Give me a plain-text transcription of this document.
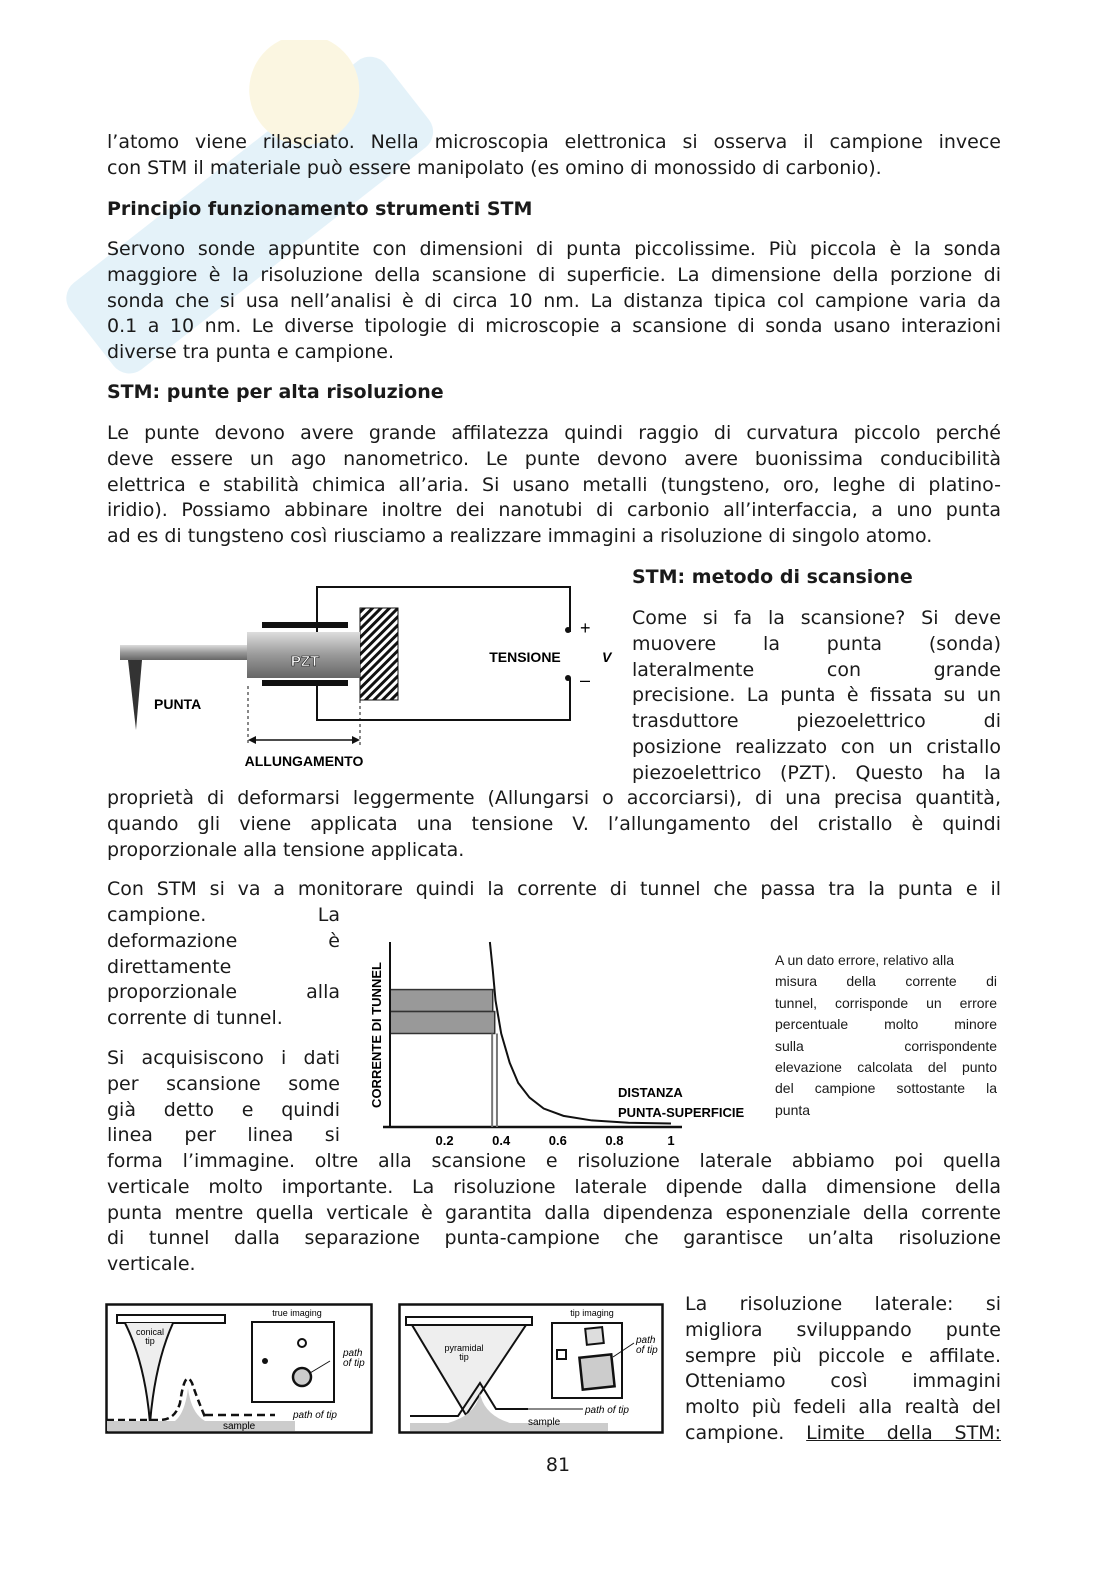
l’atomo viene rilasciato. Nella microscopia elettronica si osserva il campione invece
con STM il materiale può essere manipolato (es omino di monossido di carbonio).
Principio funzionamento strumenti STM
Servono sonde appuntite con dimensioni di punta piccolissime. Più piccola è la sonda
maggiore è la risoluzione della scansione di superficie. La dimensione della porzione di
sonda che si usa nell’analisi è di circa 10 nm. La distanza tipica col campione varia da
0.1 a 10 nm. Le diverse tipologie di microscopie a scansione di sonda usano interazioni
diverse tra punta e campione.
STM: punte per alta risoluzione
Le punte devono avere grande affilatezza quindi raggio di curvatura piccolo perché
deve essere un ago nanometrico. Le punte devono avere buonissima conducibilità
elettrica e stabilità chimica all’aria. Si usano metalli (tungsteno, oro, leghe di platino-
iridio). Possiamo abbinare inoltre dei nanotubi di carbonio all’interfaccia, a uno punta
ad es di tungsteno così riusciamo a realizzare immagini a risoluzione di singolo atomo.
PZT
PUNTA
TENSIONE	V
+
–
ALLUNGAMENTO
STM: metodo di scansione
Come si fa la scansione? Si deve
muovere la punta (sonda)
lateralmente con grande
precisione. La punta è fissata su un
trasduttore piezoelettrico di
posizione realizzato con un cristallo
piezoelettrico (PZT). Questo ha la
proprietà di deformarsi leggermente (Allungarsi o accorciarsi), di una precisa quantità,
quando gli viene applicata una tensione V. l’allungamento del cristallo è quindi
proporzionale alla tensione applicata.
Con STM si va a monitorare quindi la corrente di tunnel che passa tra la punta e il
campione. La
deformazione è
direttamente
proporzionale alla
corrente di tunnel.
Si acquisiscono i dati
per scansione some
già detto e quindi
linea per linea si
CORRENTE DI TUNNEL	DISTANZA
PUNTA-SUPERFICIE
0.2	0.4	0.6	0.8	1
A un dato errore, relativo alla
misura della corrente di
tunnel, corrisponde un errore
percentuale molto minore
sulla corrispondente
elevazione calcolata del punto
del campione sottostante la
punta
forma l’immagine. oltre alla scansione e risoluzione laterale abbiamo poi quella
verticale molto importante. La risoluzione laterale dipende dalla dimensione della
punta mentre quella verticale è garantita dalla dipendenza esponenziale della corrente
di tunnel dalla separazione punta-campione che garantisce un’alta risoluzione
verticale.
conical
tip
path of tip
sample
true imaging
path
of tip
pyramidal
tip
path of tip
sample
tip imaging
path
of tip
La risoluzione laterale: si
migliora sviluppando punte
sempre più piccole e affilate.
Otteniamo così immagini
molto più fedeli alla realtà del
campione. Limite della STM:
81
